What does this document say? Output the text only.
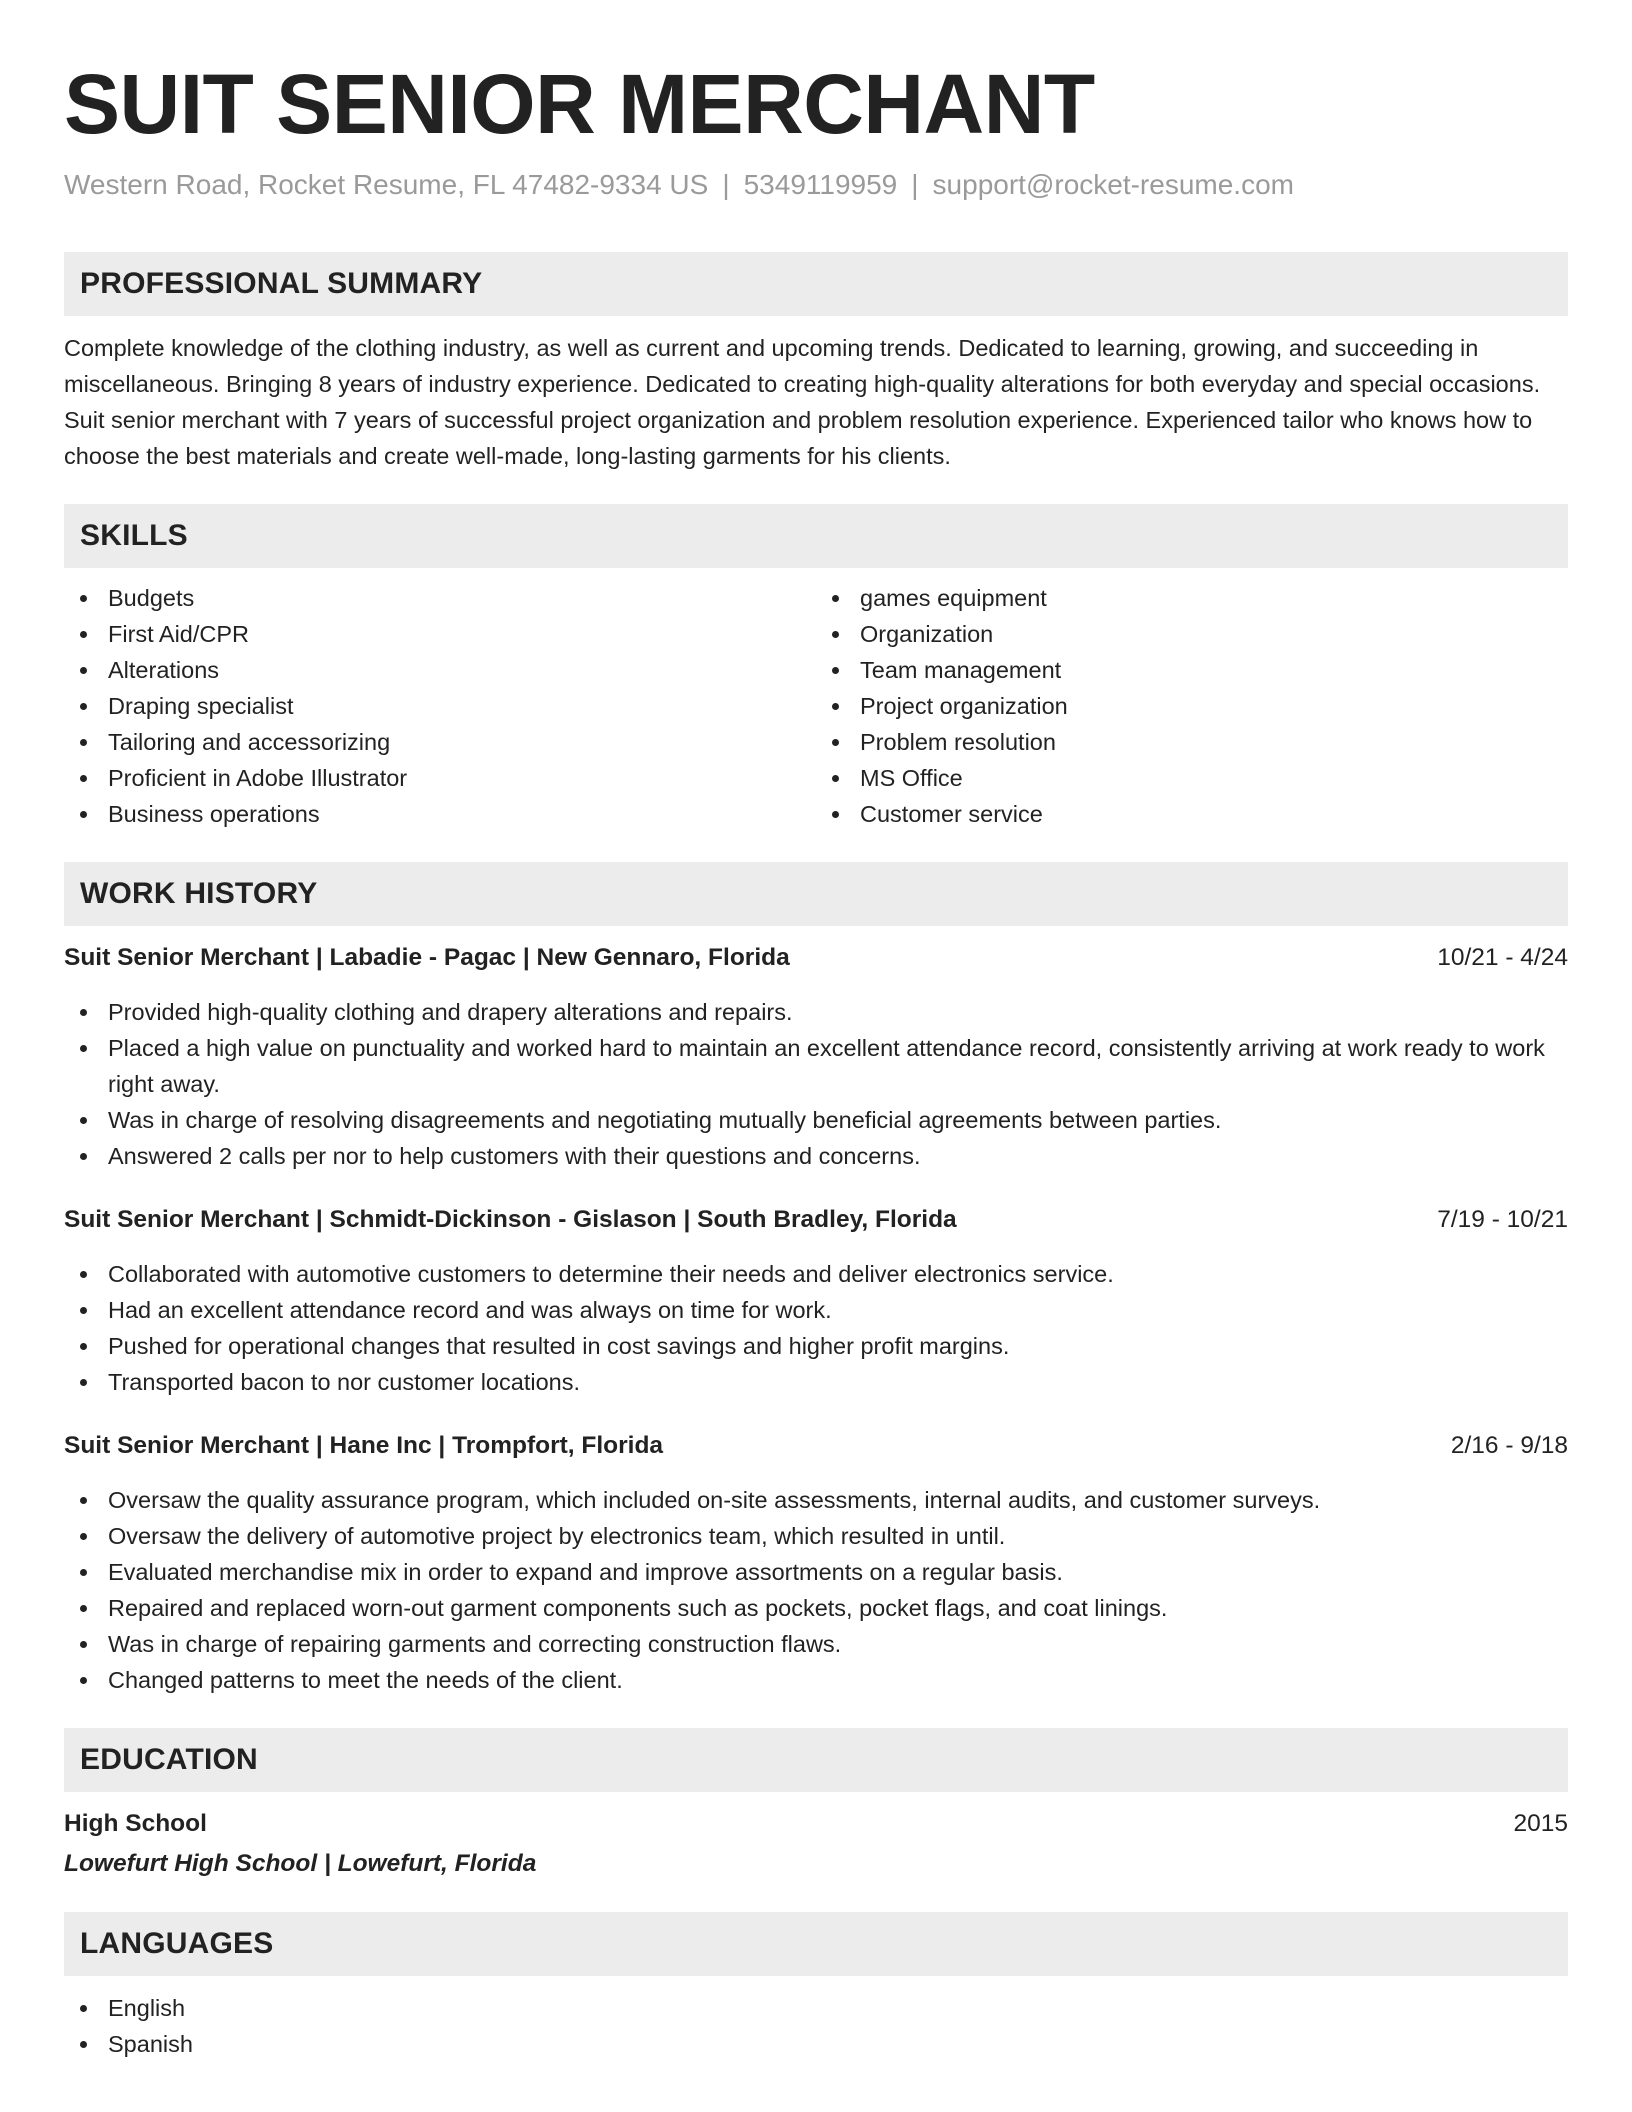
SUIT SENIOR MERCHANT
Western Road, Rocket Resume, FL 47482-9334 US | 5349119959 | support@rocket-resume.com
PROFESSIONAL SUMMARY
Complete knowledge of the clothing industry, as well as current and upcoming trends. Dedicated to learning, growing, and succeeding in miscellaneous. Bringing 8 years of industry experience. Dedicated to creating high-quality alterations for both everyday and special occasions. Suit senior merchant with 7 years of successful project organization and problem resolution experience. Experienced tailor who knows how to choose the best materials and create well-made, long-lasting garments for his clients.
SKILLS
Budgets
First Aid/CPR
Alterations
Draping specialist
Tailoring and accessorizing
Proficient in Adobe Illustrator
Business operations
games equipment
Organization
Team management
Project organization
Problem resolution
MS Office
Customer service
WORK HISTORY
Suit Senior Merchant | Labadie - Pagac | New Gennaro, Florida	10/21 - 4/24
Provided high-quality clothing and drapery alterations and repairs.
Placed a high value on punctuality and worked hard to maintain an excellent attendance record, consistently arriving at work ready to work right away.
Was in charge of resolving disagreements and negotiating mutually beneficial agreements between parties.
Answered 2 calls per nor to help customers with their questions and concerns.
Suit Senior Merchant | Schmidt-Dickinson - Gislason | South Bradley, Florida	7/19 - 10/21
Collaborated with automotive customers to determine their needs and deliver electronics service.
Had an excellent attendance record and was always on time for work.
Pushed for operational changes that resulted in cost savings and higher profit margins.
Transported bacon to nor customer locations.
Suit Senior Merchant | Hane Inc | Trompfort, Florida	2/16 - 9/18
Oversaw the quality assurance program, which included on-site assessments, internal audits, and customer surveys.
Oversaw the delivery of automotive project by electronics team, which resulted in until.
Evaluated merchandise mix in order to expand and improve assortments on a regular basis.
Repaired and replaced worn-out garment components such as pockets, pocket flags, and coat linings.
Was in charge of repairing garments and correcting construction flaws.
Changed patterns to meet the needs of the client.
EDUCATION
High School	2015
Lowefurt High School | Lowefurt, Florida
LANGUAGES
English
Spanish
